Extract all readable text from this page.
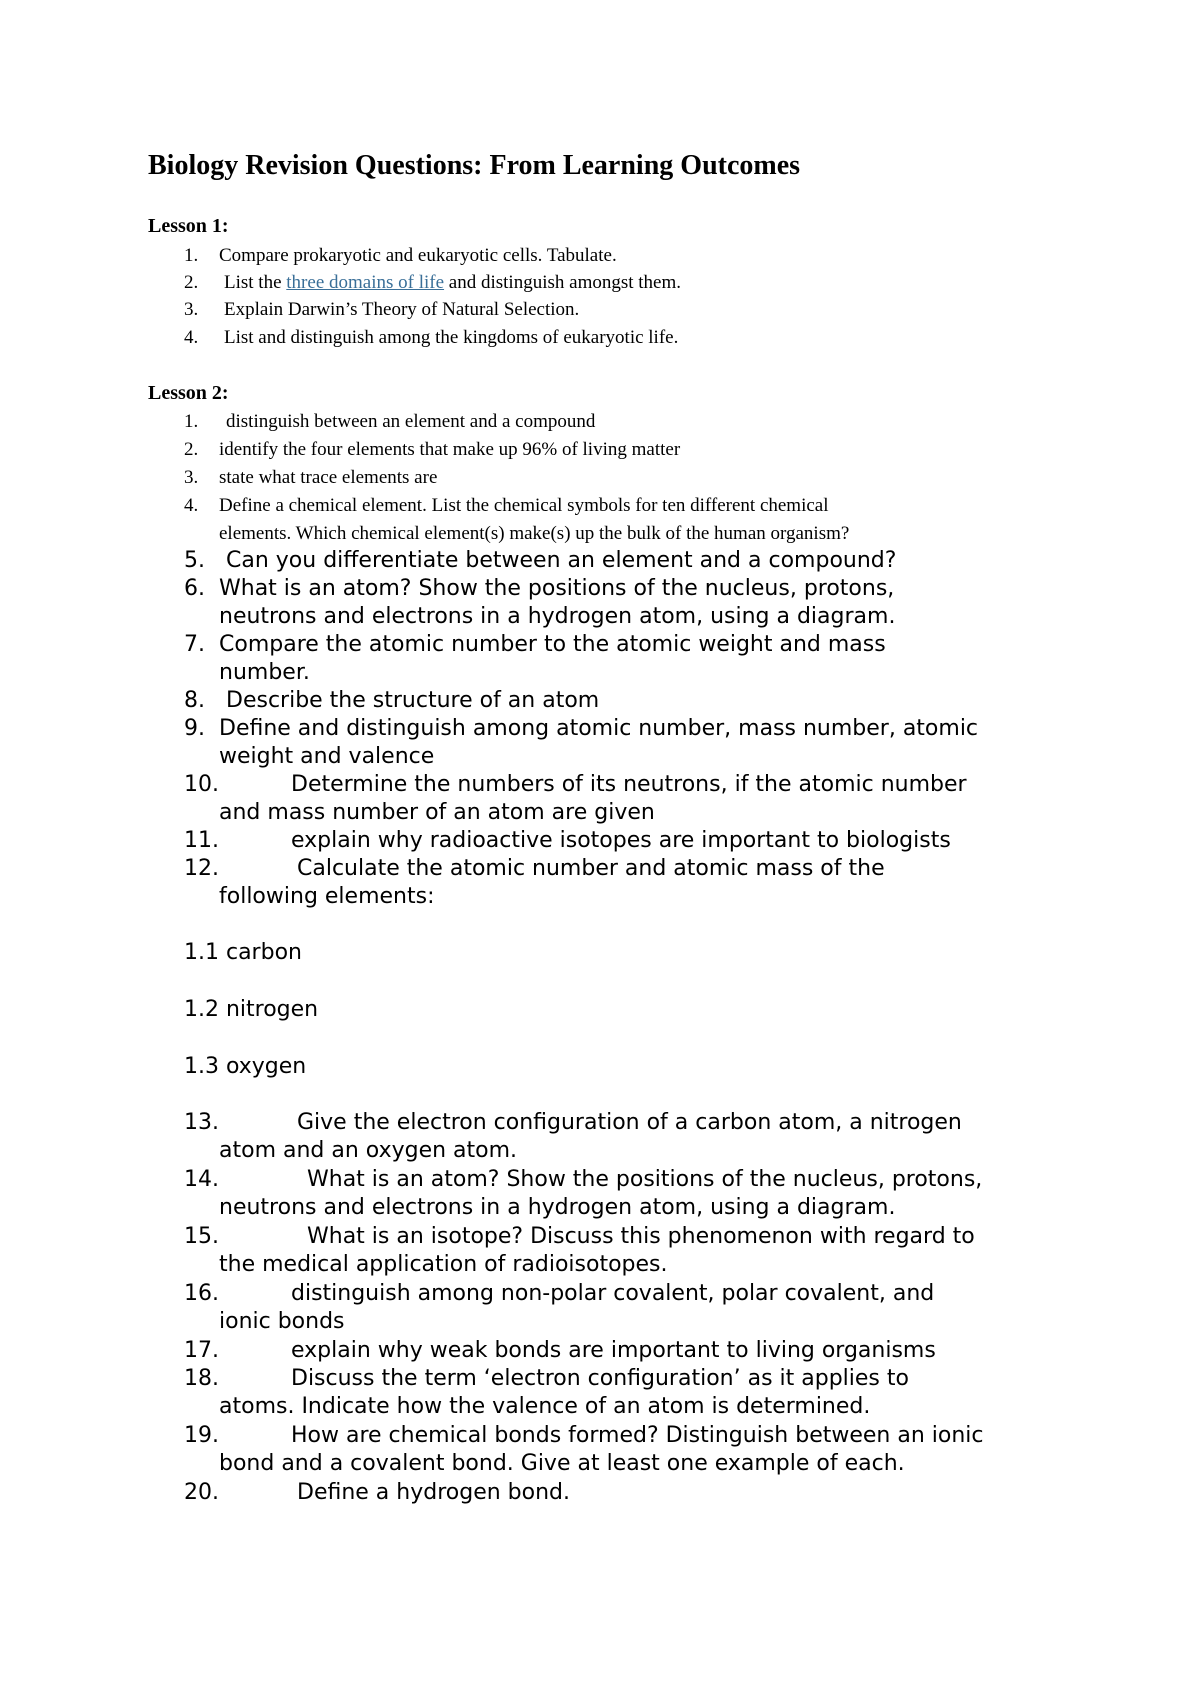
Biology Revision Questions: From Learning Outcomes
Lesson 1:
1. Compare prokaryotic and eukaryotic cells. Tabulate.
2. List the three domains of life and distinguish amongst them.
3. Explain Darwin’s Theory of Natural Selection.
4. List and distinguish among the kingdoms of eukaryotic life.
Lesson 2:
1. distinguish between an element and a compound
2. identify the four elements that make up 96% of living matter
3. state what trace elements are
4. Define a chemical element. List the chemical symbols for ten different chemical
elements. Which chemical element(s) make(s) up the bulk of the human organism?
5. Can you differentiate between an element and a compound?
6. What is an atom? Show the positions of the nucleus, protons,
neutrons and electrons in a hydrogen atom, using a diagram.
7. Compare the atomic number to the atomic weight and mass
number.
8. Describe the structure of an atom
9. Define and distinguish among atomic number, mass number, atomic
weight and valence
10.	Determine the numbers of its neutrons, if the atomic number
and mass number of an atom are given
11.	explain why radioactive isotopes are important to biologists
12.	Calculate the atomic number and atomic mass of the
following elements:
1.1 carbon
1.2 nitrogen
1.3 oxygen
13.	Give the electron configuration of a carbon atom, a nitrogen
atom and an oxygen atom.
14.	What is an atom? Show the positions of the nucleus, protons,
neutrons and electrons in a hydrogen atom, using a diagram.
15.	What is an isotope? Discuss this phenomenon with regard to
the medical application of radioisotopes.
16.	distinguish among non-polar covalent, polar covalent, and
ionic bonds
17.	explain why weak bonds are important to living organisms
18.	Discuss the term ‘electron configuration’ as it applies to
atoms. Indicate how the valence of an atom is determined.
19.	How are chemical bonds formed? Distinguish between an ionic
bond and a covalent bond. Give at least one example of each.
20.	Define a hydrogen bond.
